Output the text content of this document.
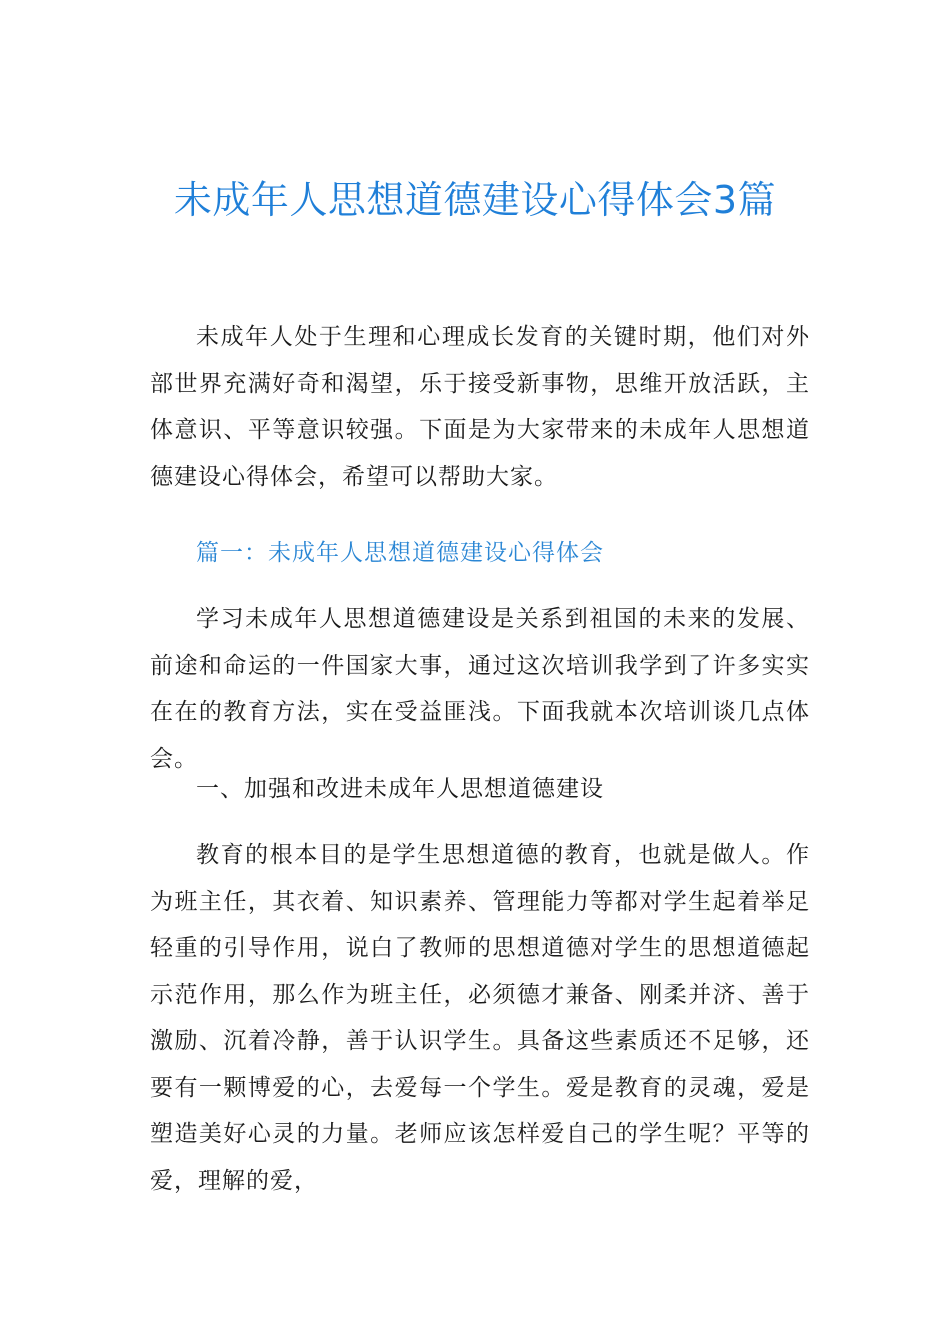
未成年人思想道德建设心得体会3篇

未成年人处于生理和心理成长发育的关键时期，他们对外部世界充满好奇和渴望，乐于接受新事物，思维开放活跃，主体意识、平等意识较强。下面是为大家带来的未成年人思想道德建设心得体会，希望可以帮助大家。

篇一：未成年人思想道德建设心得体会

学习未成年人思想道德建设是关系到祖国的未来的发展、前途和命运的一件国家大事，通过这次培训我学到了许多实实在在的教育方法，实在受益匪浅。下面我就本次培训谈几点体会。

一、加强和改进未成年人思想道德建设

教育的根本目的是学生思想道德的教育，也就是做人。作为班主任，其衣着、知识素养、管理能力等都对学生起着举足轻重的引导作用，说白了教师的思想道德对学生的思想道德起示范作用，那么作为班主任，必须德才兼备、刚柔并济、善于激励、沉着冷静，善于认识学生。具备这些素质还不足够，还要有一颗博爱的心，去爱每一个学生。爱是教育的灵魂，爱是塑造美好心灵的力量。老师应该怎样爱自己的学生呢？平等的爱，理解的爱，
